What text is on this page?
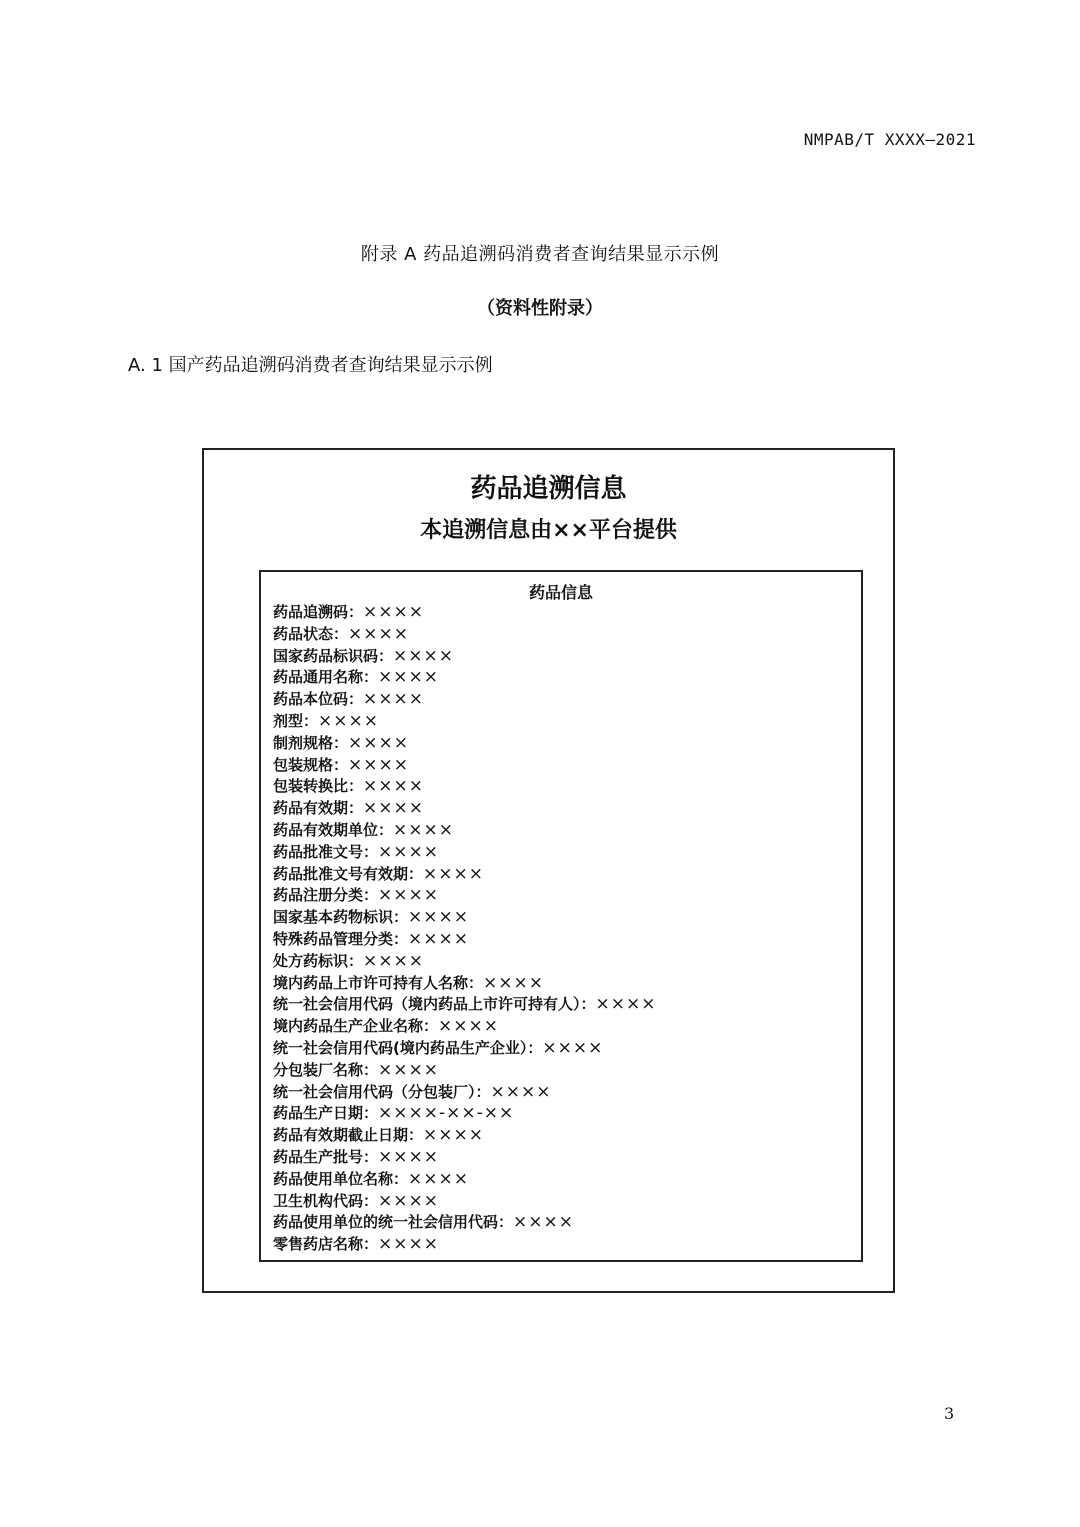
NMPAB/T XXXX—2021
附录 A 药品追溯码消费者查询结果显示示例
（资料性附录）
A. 1 国产药品追溯码消费者查询结果显示示例
药品追溯信息
本追溯信息由××平台提供
药品信息
药品追溯码：××××
药品状态：××××
国家药品标识码：××××
药品通用名称：××××
药品本位码：××××
剂型：××××
制剂规格：××××
包装规格：××××
包装转换比：××××
药品有效期：××××
药品有效期单位：××××
药品批准文号：××××
药品批准文号有效期：××××
药品注册分类：××××
国家基本药物标识：××××
特殊药品管理分类：××××
处方药标识：××××
境内药品上市许可持有人名称：××××
统一社会信用代码（境内药品上市许可持有人）：××××
境内药品生产企业名称：××××
统一社会信用代码(境内药品生产企业）：××××
分包装厂名称：××××
统一社会信用代码（分包装厂）：××××
药品生产日期：××××-××-××
药品有效期截止日期：××××
药品生产批号：××××
药品使用单位名称：××××
卫生机构代码：××××
药品使用单位的统一社会信用代码：××××
零售药店名称：××××
3
